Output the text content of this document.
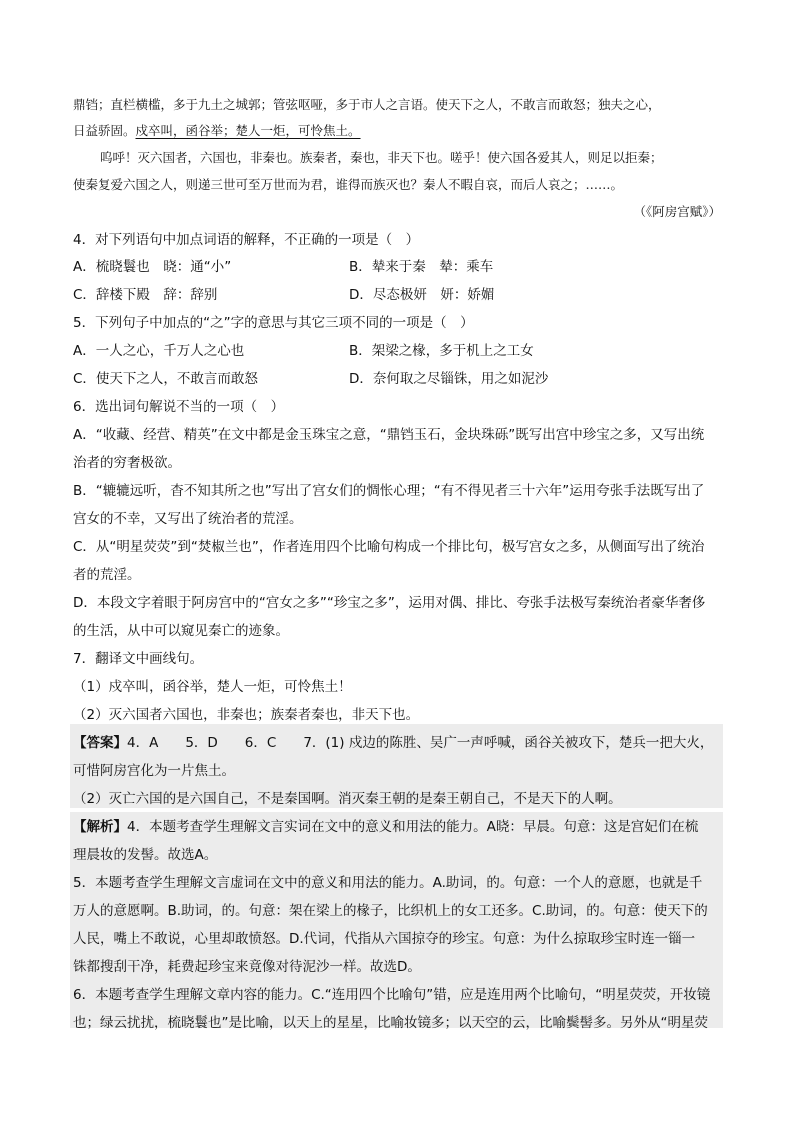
鼎铛；直栏横槛，多于九土之城郭；管弦呕哑，多于市人之言语。使天下之人，不敢言而敢怒；独夫之心，
日益骄固。戍卒叫，函谷举；楚人一炬，可怜焦土。
呜呼！灭六国者，六国也，非秦也。族秦者，秦也，非天下也。嗟乎！使六国各爱其人，则足以拒秦；
使秦复爱六国之人，则递三世可至万世而为君，谁得而族灭也？秦人不暇自哀，而后人哀之；……。
（《阿房宫赋》）
4．对下列语句中加点词语的解释，不正确的一项是（　）
A．梳晓鬟也　晓：通“小”	B．辇来于秦　辇：乘车
C．辞楼下殿　辞：辞别	D．尽态极妍　妍：娇媚
5．下列句子中加点的“之”字的意思与其它三项不同的一项是（　）
A．一人之心，千万人之心也	B．架梁之椽，多于机上之工女
C．使天下之人，不敢言而敢怒	D．奈何取之尽锱铢，用之如泥沙
6．选出词句解说不当的一项（　）
A．“收藏、经营、精英”在文中都是金玉珠宝之意，“鼎铛玉石，金块珠砾”既写出宫中珍宝之多，又写出统
治者的穷奢极欲。
B．“辘辘远听，杳不知其所之也”写出了宫女们的惆怅心理；“有不得见者三十六年”运用夸张手法既写出了
宫女的不幸，又写出了统治者的荒淫。
C．从“明星荧荧”到“焚椒兰也”，作者连用四个比喻句构成一个排比句，极写宫女之多，从侧面写出了统治
者的荒淫。
D．本段文字着眼于阿房宫中的“宫女之多”“珍宝之多”，运用对偶、排比、夸张手法极写秦统治者豪华奢侈
的生活，从中可以窥见秦亡的迹象。
7．翻译文中画线句。
（1）戍卒叫，函谷举，楚人一炬，可怜焦土！
（2）灭六国者六国也，非秦也；族秦者秦也，非天下也。
【答案】4．A　　5．D　　6．C　　7．(1) 戍边的陈胜、吴广一声呼喊，函谷关被攻下，楚兵一把大火，
可惜阿房宫化为一片焦土。
（2）灭亡六国的是六国自己，不是秦国啊。消灭秦王朝的是秦王朝自己，不是天下的人啊。
【解析】4．本题考查学生理解文言实词在文中的意义和用法的能力。A晓：早晨。句意：这是宫妃们在梳
理晨妆的发髻。故选A。
5．本题考查学生理解文言虚词在文中的意义和用法的能力。A.助词，的。句意：一个人的意愿，也就是千
万人的意愿啊。B.助词，的。句意：架在梁上的椽子，比织机上的女工还多。C.助词，的。句意：使天下的
人民，嘴上不敢说，心里却敢愤怒。D.代词，代指从六国掠夺的珍宝。句意：为什么掠取珍宝时连一锱一
铢都搜刮干净，耗费起珍宝来竟像对待泥沙一样。故选D。
6．本题考查学生理解文章内容的能力。C.“连用四个比喻句”错，应是连用两个比喻句，“明星荧荧，开妆镜
也；绿云扰扰，梳晓鬟也”是比喻，以天上的星星，比喻妆镜多；以天空的云，比喻鬓髻多。另外从“明星荧
